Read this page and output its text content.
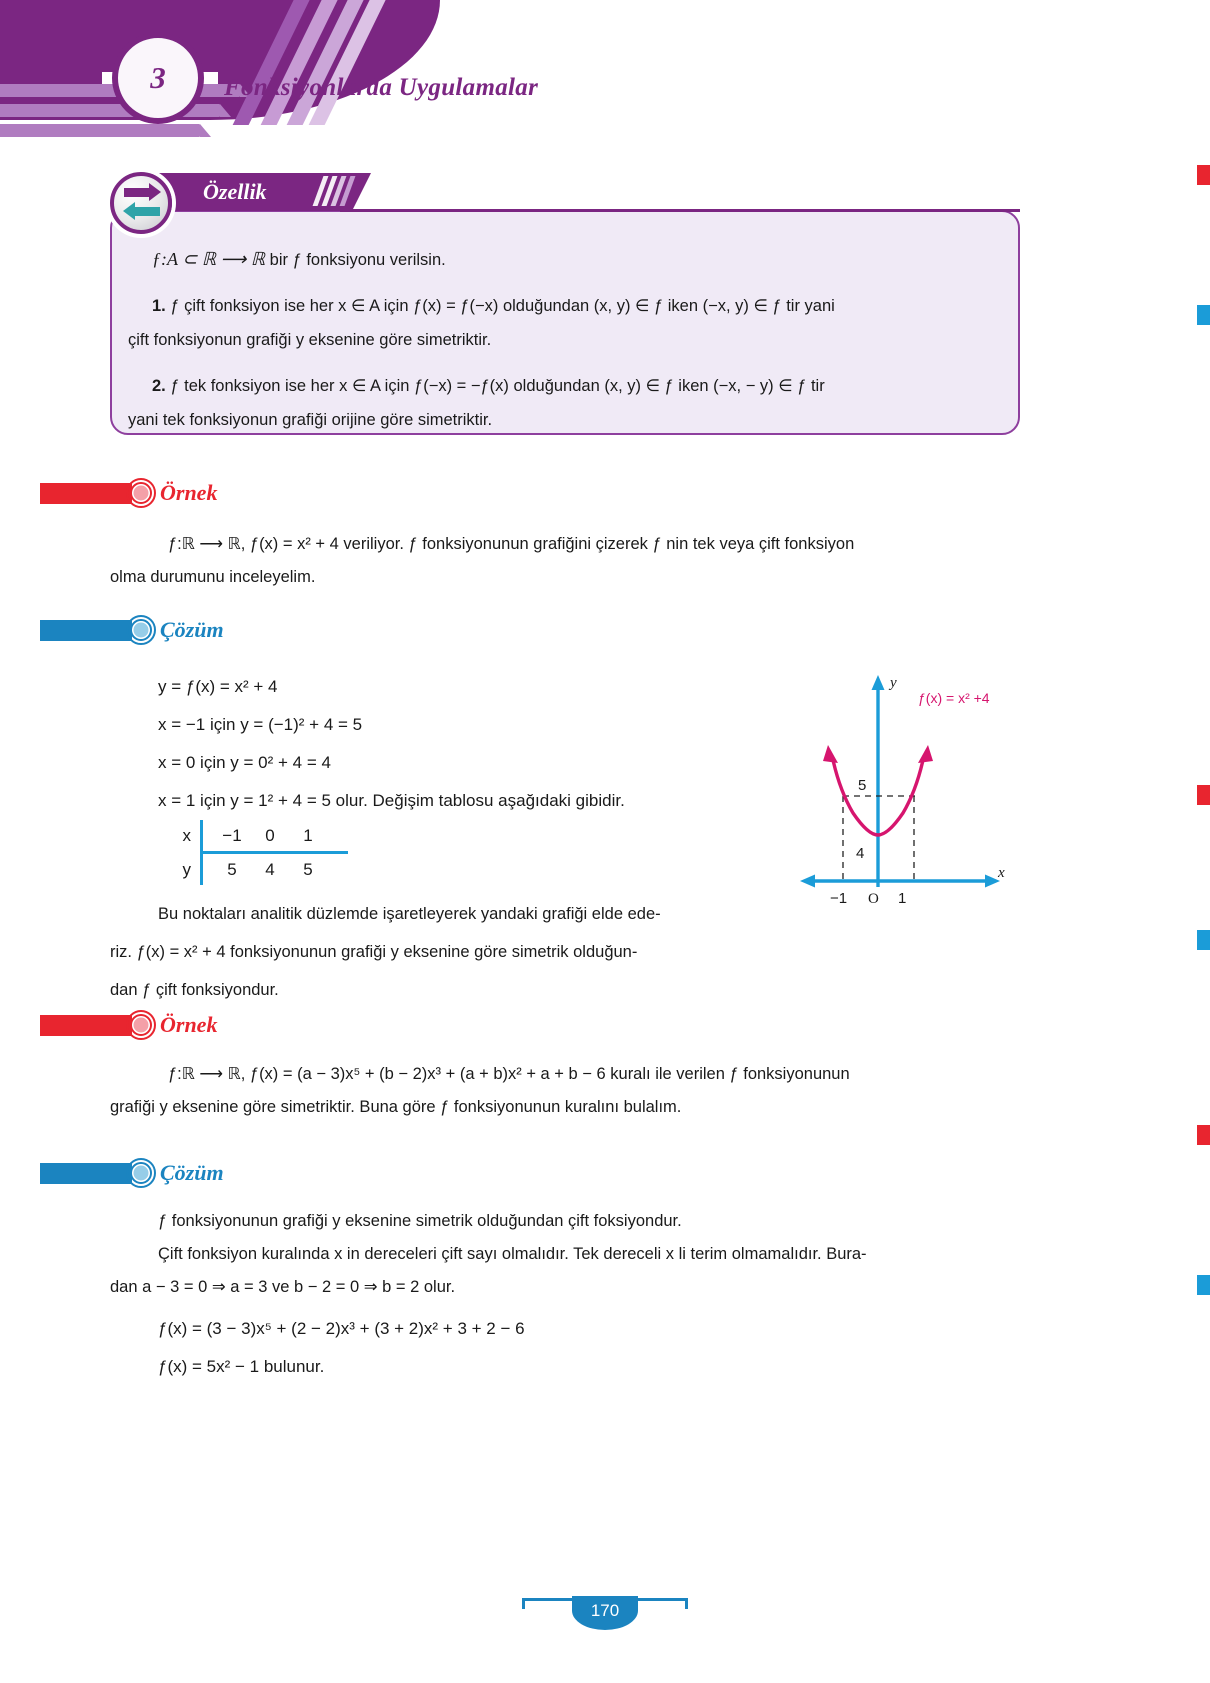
3 Fonksiyonlarda Uygulamalar
Özellik

ƒ:A ⊂ ℝ ⟶ ℝ bir ƒ fonksiyonu verilsin.

1. ƒ çift fonksiyon ise her x ∈ A için ƒ(x) = ƒ(−x) olduğundan (x, y) ∈ ƒ iken (−x, y) ∈ ƒ tir yani

çift fonksiyonun grafiği y eksenine göre simetriktir.

2. ƒ tek fonksiyon ise her x ∈ A için ƒ(−x) = −ƒ(x) olduğundan (x, y) ∈ ƒ iken (−x, − y) ∈ ƒ tir

yani tek fonksiyonun grafiği orijine göre simetriktir.

Örnek
ƒ:ℝ ⟶ ℝ, ƒ(x) = x² + 4 veriliyor. ƒ fonksiyonunun grafiğini çizerek ƒ nin tek veya çift fonksiyon
olma durumunu inceleyelim.
Çözüm
y = ƒ(x) = x² + 4
x = −1 için y = (−1)² + 4 = 5
x = 0 için y = 0² + 4 = 4
x = 1 için y = 1² + 4 = 5 olur. Değişim tablosu aşağıdaki gibidir.
x	−1	0	1
y	5	4	5
Bu noktaları analitik düzlemde işaretleyerek yandaki grafiği elde ede-
riz. ƒ(x) = x² + 4 fonksiyonunun grafiği y eksenine göre simetrik olduğun-
dan ƒ çift fonksiyondur.
y
x
5
4
−1 O 1
ƒ(x) = x² +4
Örnek
ƒ:ℝ ⟶ ℝ, ƒ(x) = (a − 3)x⁵ + (b − 2)x³ + (a + b)x² + a + b − 6 kuralı ile verilen ƒ fonksiyonunun
grafiği y eksenine göre simetriktir. Buna göre ƒ fonksiyonunun kuralını bulalım.
Çözüm
ƒ fonksiyonunun grafiği y eksenine simetrik olduğundan çift foksiyondur.
Çift fonksiyon kuralında x in dereceleri çift sayı olmalıdır. Tek dereceli x li terim olmamalıdır. Bura-
dan a − 3 = 0 ⇒ a = 3 ve b − 2 = 0 ⇒ b = 2 olur.
ƒ(x) = (3 − 3)x⁵ + (2 − 2)x³ + (3 + 2)x² + 3 + 2 − 6
ƒ(x) = 5x² − 1 bulunur.
170
